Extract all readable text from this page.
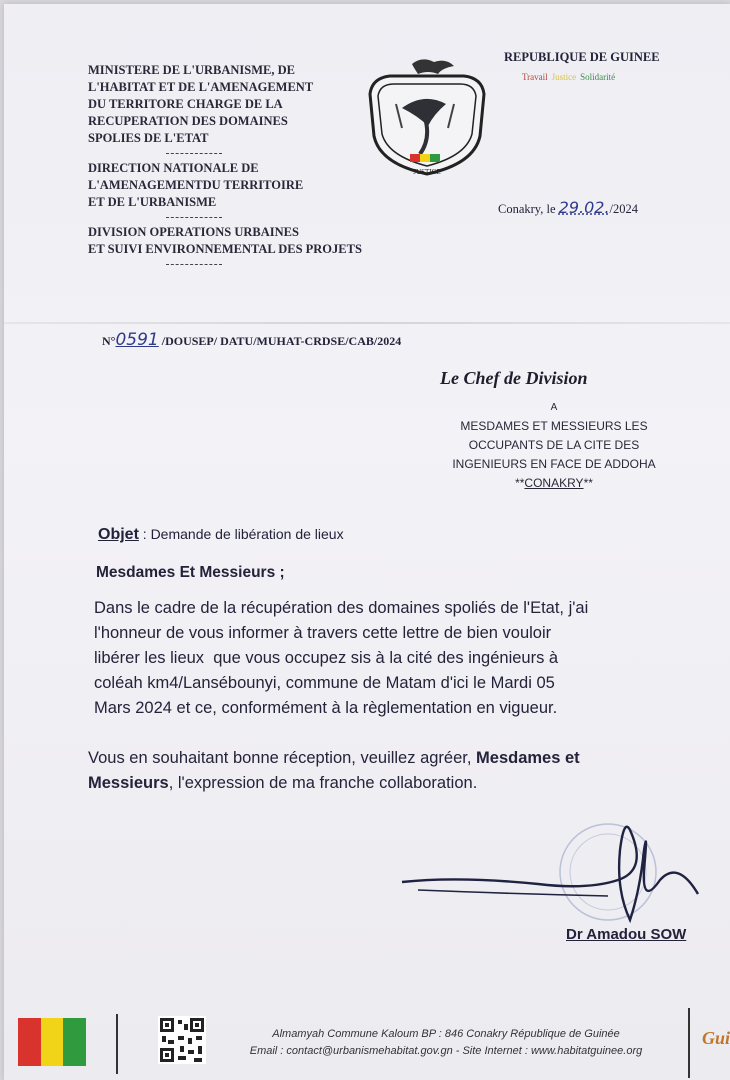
MINISTERE DE L'URBANISME, DE
L'HABITAT ET DE L'AMENAGEMENT
DU TERRITORE CHARGE DE LA
RECUPERATION DES DOMAINES
SPOLIES DE L'ETAT
DIRECTION NATIONALE DE
L'AMENAGEMENTDU TERRITOIRE
ET DE L'URBANISME
DIVISION OPERATIONS URBAINES
ET SUIVI ENVIRONNEMENTAL DES PROJETS
JUSTICE
REPUBLIQUE DE GUINEE
Travail Justice Solidarité
Conakry, le 29.02./2024
N°0591 /DOUSEP/ DATU/MUHAT-CRDSE/CAB/2024
Le Chef de Division
A
MESDAMES ET MESSIEURS LES
OCCUPANTS DE LA CITE DES
INGENIEURS EN FACE DE ADDOHA
**CONAKRY**
Objet : Demande de libération de lieux
Mesdames Et Messieurs ;
Dans le cadre de la récupération des domaines spoliés de l'Etat, j'ai
l'honneur de vous informer à travers cette lettre de bien vouloir
libérer les lieux  que vous occupez sis à la cité des ingénieurs à
coléah km4/Lansébounyi, commune de Matam d'ici le Mardi 05
Mars 2024 et ce, conformément à la règlementation en vigueur.
Vous en souhaitant bonne réception, veuillez agréer, Mesdames et
Messieurs, l'expression de ma franche collaboration.
Dr Amadou SOW
Almamyah Commune Kaloum BP : 846 Conakry République de Guinée
Email : contact@urbanismehabitat.gov.gn - Site Internet : www.habitatguinee.org
Gui
